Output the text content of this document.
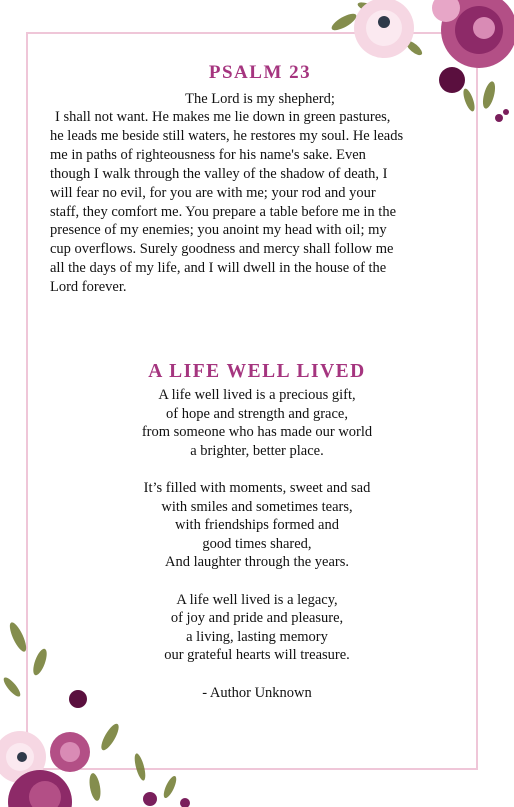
PSALM 23

The Lord is my shepherd;

I shall not want. He makes me lie down in green pastures,
he leads me beside still waters, he restores my soul. He leads
me in paths of righteousness for his name's sake. Even
though I walk through the valley of the shadow of death, I
will fear no evil, for you are with me; your rod and your
staff, they comfort me. You prepare a table before me in the
presence of my enemies; you anoint my head with oil; my
cup overflows. Surely goodness and mercy shall follow me
all the days of my life, and I will dwell in the house of the
Lord forever.
A LIFE WELL LIVED
A life well lived is a precious gift,
of hope and strength and grace,
from someone who has made our world
a brighter, better place.
It’s filled with moments, sweet and sad
with smiles and sometimes tears,
with friendships formed and
good times shared,
And laughter through the years.
A life well lived is a legacy,
of joy and pride and pleasure,
a living, lasting memory
our grateful hearts will treasure.
- Author Unknown
